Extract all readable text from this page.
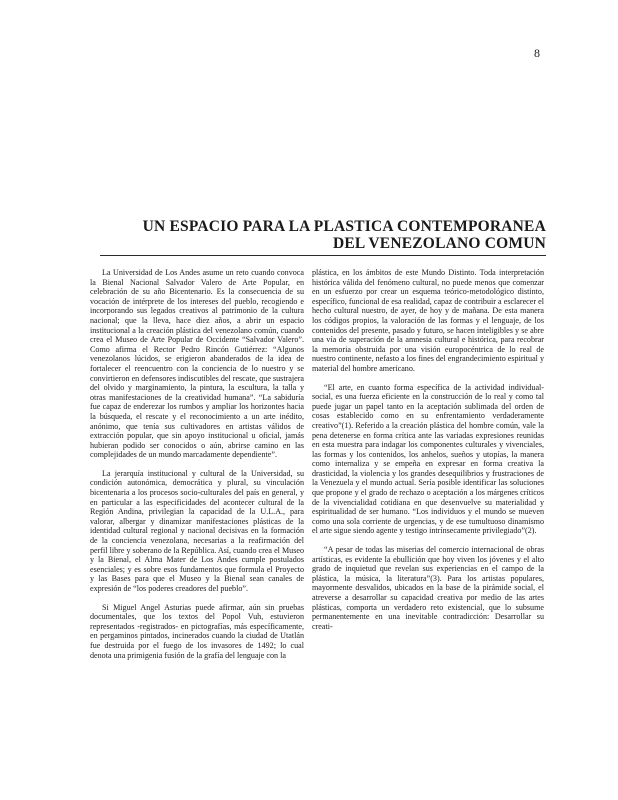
8
UN ESPACIO PARA LA PLASTICA CONTEMPORANEA
DEL VENEZOLANO COMUN

La Universidad de Los Andes asume un reto cuando convoca la Bienal Nacional Salvador Valero de Arte Popular, en celebración de su año Bicentenario. Es la consecuencia de su vocación de intérprete de los intereses del pueblo, recogiendo e incorporando sus legados creativos al patrimonio de la cultura nacional; que la lleva, hace diez años, a abrir un espacio institucional a la creación plástica del venezolano común, cuando crea el Museo de Arte Popular de Occidente “Salvador Valero”. Como afirma el Rector Pedro Rincón Gutiérrez: “Algunos venezolanos lúcidos, se erigieron abanderados de la idea de fortalecer el reencuentro con la conciencia de lo nuestro y se convirtieron en defensores indiscutibles del rescate, que sustrajera del olvido y marginamiento, la pintura, la escultura, la talla y otras manifestaciones de la creatividad humana”. “La sabiduría fue capaz de enderezar los rumbos y ampliar los horizontes hacia la búsqueda, el rescate y el reconocimiento a un arte inédito, anónimo, que tenía sus cultivadores en artistas válidos de extracción popular, que sin apoyo institucional u oficial, jamás hubieran podido ser conocidos o aún, abrirse camino en las complejidades de un mundo marcadamente dependiente”.

La jerarquía institucional y cultural de la Universidad, su condición autonómica, democrática y plural, su vinculación bicentenaria a los procesos socio-culturales del país en general, y en particular a las especificidades del acontecer cultural de la Región Andina, privilegian la capacidad de la U.L.A., para valorar, albergar y dinamizar manifestaciones plásticas de la identidad cultural regional y nacional decisivas en la formación de la conciencia venezolana, necesarias a la reafirmación del perfil libre y soberano de la República. Así, cuando crea el Museo y la Bienal, el Alma Mater de Los Andes cumple postulados esenciales; y es sobre esos fundamentos que formula el Proyecto y las Bases para que el Museo y la Bienal sean canales de expresión de “los poderes creadores del pueblo”.

Si Miguel Angel Asturias puede afirmar, aún sin pruebas documentales, que los textos del Popol Vuh, estuvieron representados -registrados- en pictografías, más específicamente, en pergaminos pintados, incinerados cuando la ciudad de Utatlán fue destruida por el fuego de los invasores de 1492; lo cual denota una primigenia fusión de la grafía del lenguaje con la

plástica, en los ámbitos de este Mundo Distinto. Toda interpretación histórica válida del fenómeno cultural, no puede menos que comenzar en un esfuerzo por crear un esquema teórico-metodológico distinto, específico, funcional de esa realidad, capaz de contribuir a esclarecer el hecho cultural nuestro, de ayer, de hoy y de mañana. De esta manera los códigos propios, la valoración de las formas y el lenguaje, de los contenidos del presente, pasado y futuro, se hacen inteligibles y se abre una vía de superación de la amnesia cultural e histórica, para recobrar la memoria obstruida por una visión europocéntrica de lo real de nuestro continente, nefasto a los fines del engrandecimiento espiritual y material del hombre americano.

“El arte, en cuanto forma específica de la actividad individual-social, es una fuerza eficiente en la construcción de lo real y como tal puede jugar un papel tanto en la aceptación sublimada del orden de cosas establecido como en su enfrentamiento verdaderamente creativo”(1). Referido a la creación plástica del hombre común, vale la pena detenerse en forma crítica ante las variadas expresiones reunidas en esta muestra para indagar los componentes culturales y vivenciales, las formas y los contenidos, los anhelos, sueños y utopías, la manera como internaliza y se empeña en expresar en forma creativa la drasticidad, la violencia y los grandes desequilibrios y frustraciones de la Venezuela y el mundo actual. Sería posible identificar las soluciones que propone y el grado de rechazo o aceptación a los márgenes críticos de la vivencialidad cotidiana en que desenvuelve su materialidad y espiritualidad de ser humano. “Los individuos y el mundo se mueven como una sola corriente de urgencias, y de ese tumultuoso dinamismo el arte sigue siendo agente y testigo intrínsecamente privilegiado”(2).

“A pesar de todas las miserias del comercio internacional de obras artísticas, es evidente la ebullición que hoy viven los jóvenes y el alto grado de inquietud que revelan sus experiencias en el campo de la plástica, la música, la literatura”(3). Para los artistas populares, mayormente desvalidos, ubicados en la base de la pirámide social, el atreverse a desarrollar su capacidad creativa por medio de las artes plásticas, comporta un verdadero reto existencial, que lo subsume permanentemente en una inevitable contradicción: Desarrollar su creati-
